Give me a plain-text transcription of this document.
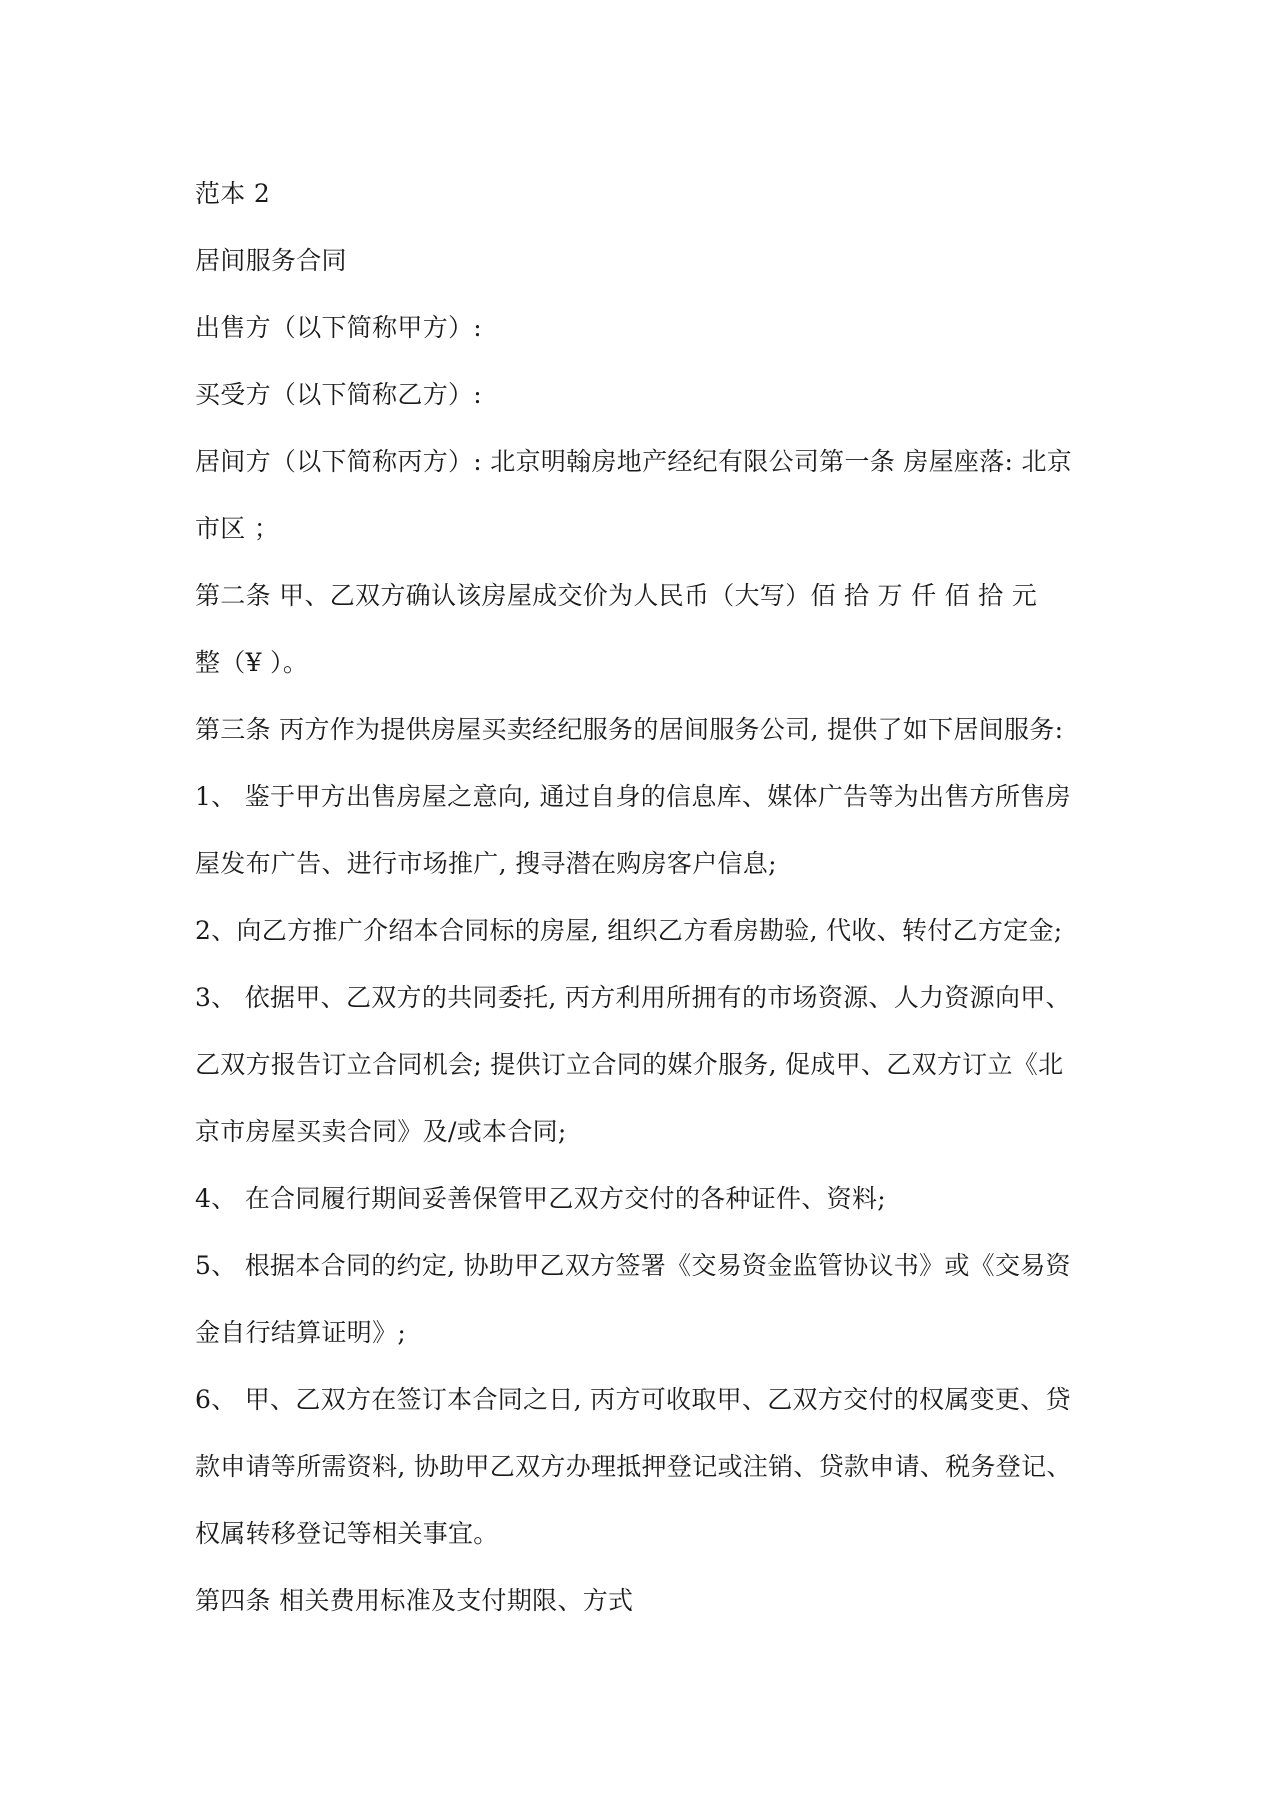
范本 2

居间服务合同

出售方（以下简称甲方）:

买受方（以下简称乙方）:

居间方（以下简称丙方）: 北京明翰房地产经纪有限公司第一条 房屋座落: 北京
市区 ；

第二条 甲、乙双方确认该房屋成交价为人民币（大写）佰 拾 万 仟 佰 拾 元
整（¥ ）。

第三条 丙方作为提供房屋买卖经纪服务的居间服务公司, 提供了如下居间服务:

1、 鉴于甲方出售房屋之意向, 通过自身的信息库、媒体广告等为出售方所售房
屋发布广告、进行市场推广, 搜寻潜在购房客户信息;

2、向乙方推广介绍本合同标的房屋, 组织乙方看房勘验, 代收、转付乙方定金;

3、 依据甲、乙双方的共同委托, 丙方利用所拥有的市场资源、人力资源向甲、
乙双方报告订立合同机会; 提供订立合同的媒介服务, 促成甲、乙双方订立《北
京市房屋买卖合同》及/或本合同;

4、 在合同履行期间妥善保管甲乙双方交付的各种证件、资料;

5、 根据本合同的约定, 协助甲乙双方签署《交易资金监管协议书》或《交易资
金自行结算证明》;

6、 甲、乙双方在签订本合同之日, 丙方可收取甲、乙双方交付的权属变更、贷
款申请等所需资料, 协助甲乙双方办理抵押登记或注销、贷款申请、税务登记、
权属转移登记等相关事宜。

第四条 相关费用标准及支付期限、方式
